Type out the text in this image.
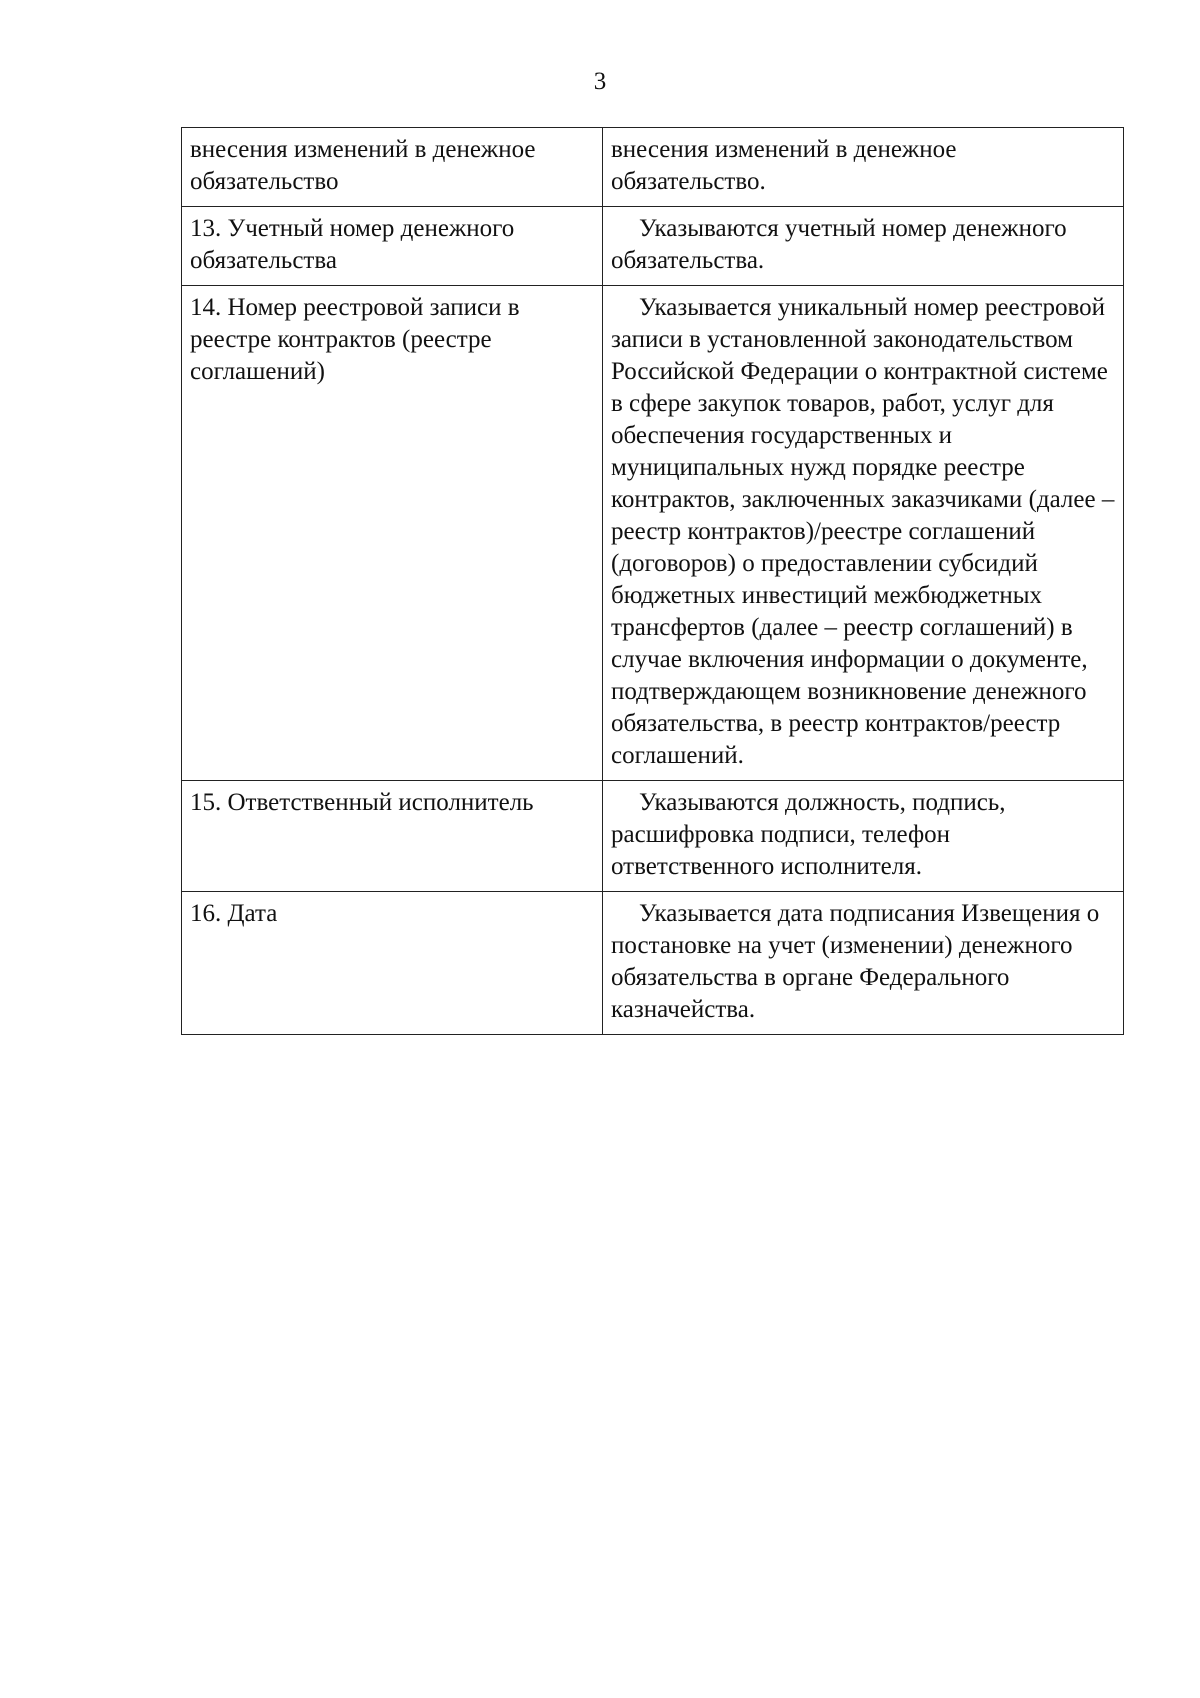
3
внесения изменений в денежное обязательство	внесения изменений в денежное обязательство.
13. Учетный номер денежного обязательства	Указываются учетный номер денежного обязательства.
14. Номер реестровой записи в реестре контрактов (реестре соглашений)	Указывается уникальный номер реестровой записи в установленной законодательством Российской Федерации о контрактной системе в сфере закупок товаров, работ, услуг для обеспечения государственных и муниципальных нужд порядке реестре контрактов, заключенных заказчиками (далее – реестр контрактов)/реестре соглашений (договоров) о предоставлении субсидий бюджетных инвестиций межбюджетных трансфертов (далее – реестр соглашений) в случае включения информации о документе, подтверждающем возникновение денежного обязательства, в реестр контрактов/реестр соглашений.
15. Ответственный исполнитель	Указываются должность, подпись, расшифровка подписи, телефон ответственного исполнителя.
16. Дата	Указывается дата подписания Извещения о постановке на учет (изменении) денежного обязательства в органе Федерального казначейства.
